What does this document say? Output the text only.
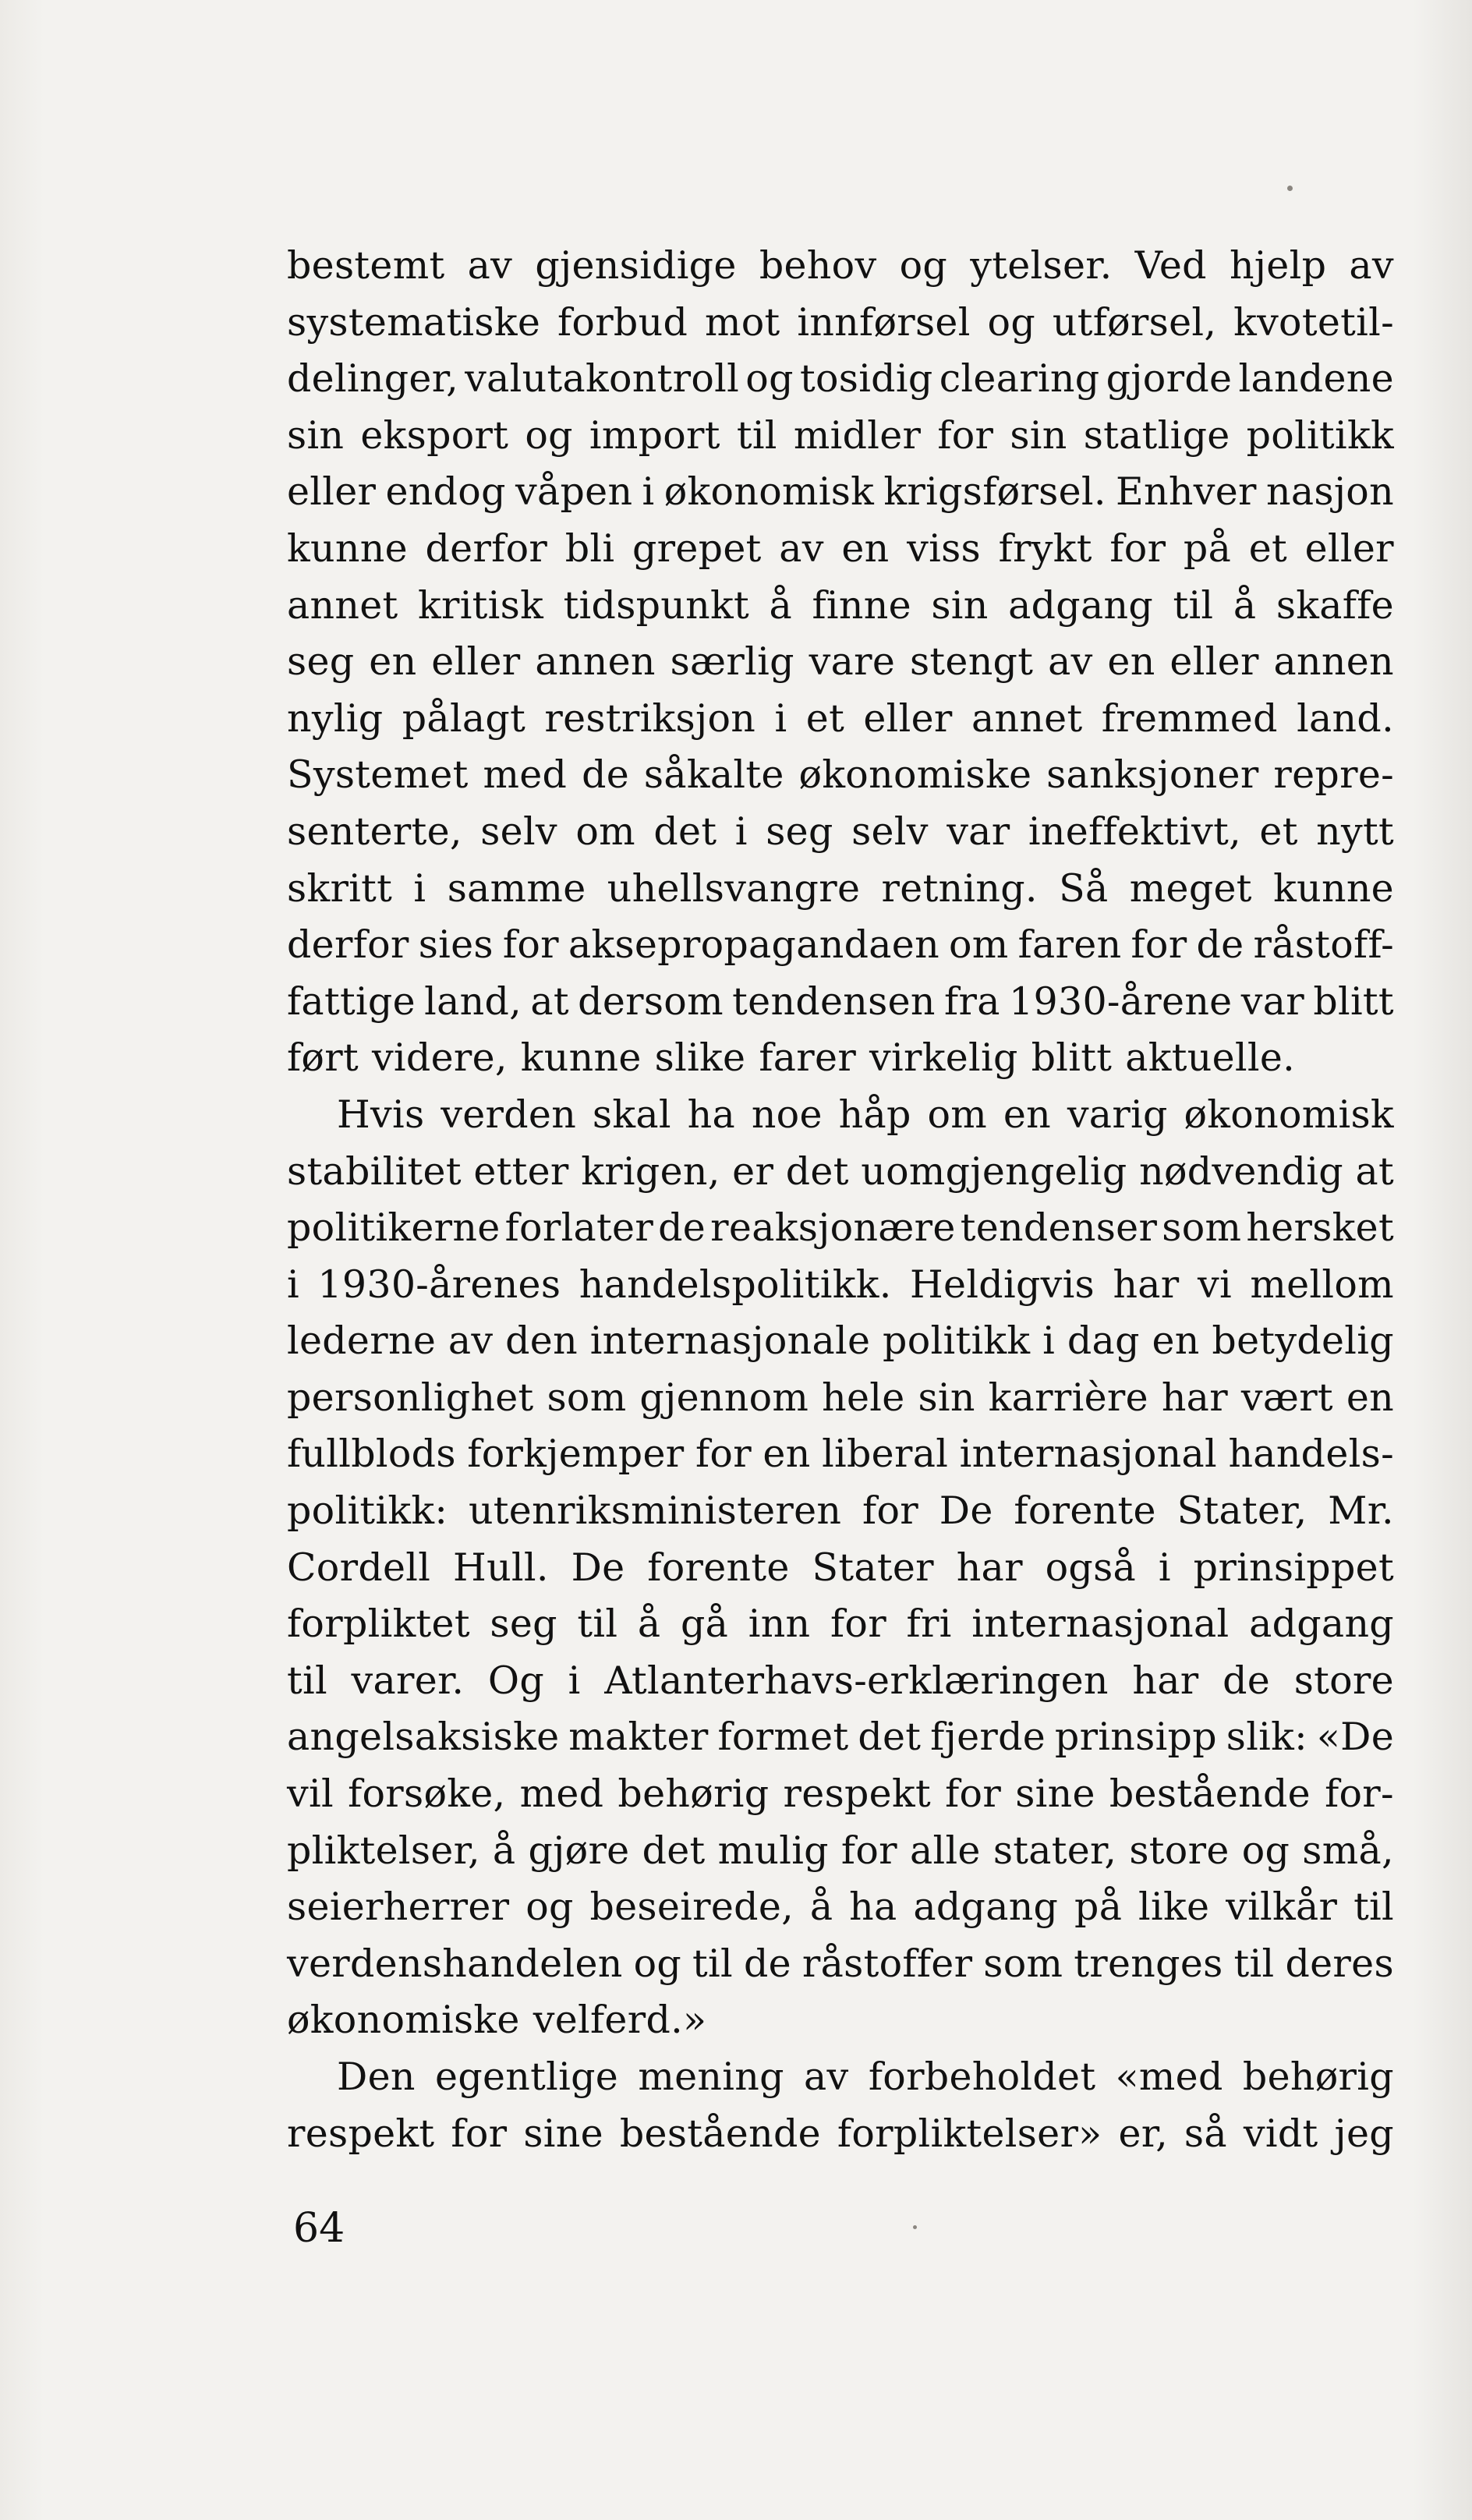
bestemt av gjensidige behov og ytelser. Ved hjelp av
systematiske forbud mot innførsel og utførsel, kvotetil-
delinger, valutakontroll og tosidig clearing gjorde landene
sin eksport og import til midler for sin statlige politikk
eller endog våpen i økonomisk krigsførsel. Enhver nasjon
kunne derfor bli grepet av en viss frykt for på et eller
annet kritisk tidspunkt å finne sin adgang til å skaffe
seg en eller annen særlig vare stengt av en eller annen
nylig pålagt restriksjon i et eller annet fremmed land.
Systemet med de såkalte økonomiske sanksjoner repre-
senterte, selv om det i seg selv var ineffektivt, et nytt
skritt i samme uhellsvangre retning. Så meget kunne
derfor sies for aksepropagandaen om faren for de råstoff-
fattige land, at dersom tendensen fra 1930-årene var blitt
ført videre, kunne slike farer virkelig blitt aktuelle.
Hvis verden skal ha noe håp om en varig økonomisk
stabilitet etter krigen, er det uomgjengelig nødvendig at
politikerne forlater de reaksjonære tendenser som hersket
i 1930-årenes handelspolitikk. Heldigvis har vi mellom
lederne av den internasjonale politikk i dag en betydelig
personlighet som gjennom hele sin karrière har vært en
fullblods forkjemper for en liberal internasjonal handels-
politikk: utenriksministeren for De forente Stater, Mr.
Cordell Hull. De forente Stater har også i prinsippet
forpliktet seg til å gå inn for fri internasjonal adgang
til varer. Og i Atlanterhavs-erklæringen har de store
angelsaksiske makter formet det fjerde prinsipp slik: «De
vil forsøke, med behørig respekt for sine bestående for-
pliktelser, å gjøre det mulig for alle stater, store og små,
seierherrer og beseirede, å ha adgang på like vilkår til
verdenshandelen og til de råstoffer som trenges til deres
økonomiske velferd.»
Den egentlige mening av forbeholdet «med behørig
respekt for sine bestående forpliktelser» er, så vidt jeg
64
